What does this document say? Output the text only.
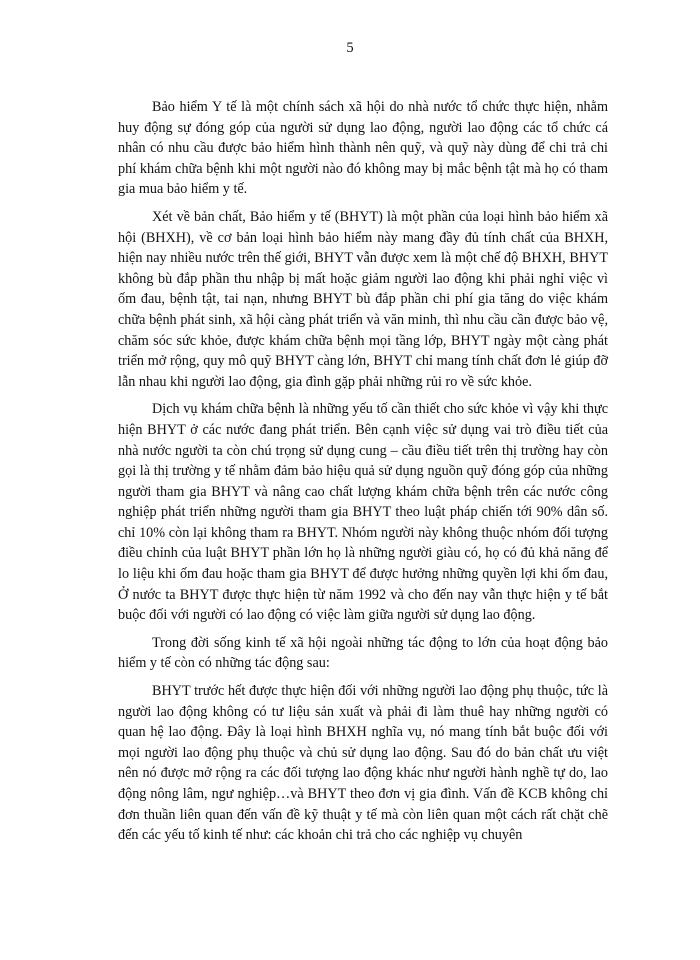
5

Bảo hiểm Y tế là một chính sách xã hội do nhà nước tổ chức thực hiện, nhằm huy động sự đóng góp của người sử dụng lao động, người lao động các tổ chức cá nhân có nhu cầu được bảo hiểm hình thành nên quỹ, và quỹ này dùng để chi trả chi phí khám chữa bệnh khi một người nào đó không may bị mắc bệnh tật mà họ có tham gia mua bảo hiểm y tế.

Xét về bản chất, Bảo hiểm y tế (BHYT) là một phần của loại hình bảo hiểm xã hội (BHXH), về cơ bản loại hình bảo hiểm này mang đầy đủ tính chất của BHXH, hiện nay nhiều nước trên thế giới, BHYT vẫn được xem là một chế độ BHXH, BHYT không bù đắp phần thu nhập bị mất hoặc giảm người lao động khi phải nghỉ việc vì ốm đau, bệnh tật, tai nạn, nhưng BHYT bù đắp phần chi phí gia tăng do việc khám chữa bệnh phát sinh, xã hội càng phát triển và văn minh, thì nhu cầu cần được bảo vệ, chăm sóc sức khỏe, được khám chữa bệnh mọi tầng lớp, BHYT ngày một càng phát triển mở rộng, quy mô quỹ BHYT càng lớn, BHYT chỉ mang tính chất đơn lẻ giúp đỡ lẫn nhau khi người lao động, gia đình gặp phải những rủi ro về sức khỏe.

Dịch vụ khám chữa bệnh là những yếu tố cần thiết cho sức khỏe vì vậy khi thực hiện BHYT ở các nước đang phát triển. Bên cạnh việc sử dụng vai trò điều tiết của nhà nước người ta còn chú trọng sử dụng cung – cầu điều tiết trên thị trường hay còn gọi là thị trường y tế nhằm đảm bảo hiệu quả sử dụng nguồn quỹ đóng góp của những người tham gia BHYT và nâng cao chất lượng khám chữa bệnh trên các nước công nghiệp phát triển những người tham gia BHYT theo luật pháp chiến tới 90% dân số. chỉ 10% còn lại không tham ra BHYT. Nhóm người này không thuộc nhóm đối tượng điều chỉnh của luật BHYT phần lớn họ là những người giàu có, họ có đủ khả năng để lo liệu khi ốm đau hoặc tham gia BHYT để được hưởng những quyền lợi khi ốm đau, Ở nước ta BHYT được thực hiện từ năm 1992 và cho đến nay vẫn thực hiện y tế bắt buộc đối với người có lao động có việc làm giữa người sử dụng lao động.

Trong đời sống kinh tế xã hội ngoài những tác động to lớn của hoạt động bảo hiểm y tế còn có những tác động sau:

BHYT trước hết được thực hiện đối với những người lao động phụ thuộc, tức là người lao động không có tư liệu sản xuất và phải đi làm thuê hay những người có quan hệ lao động. Đây là loại hình BHXH nghĩa vụ, nó mang tính bắt buộc đối với mọi người lao động phụ thuộc và chủ sử dụng lao động. Sau đó do bản chất ưu việt nên nó được mở rộng ra các đối tượng lao động khác như người hành nghề tự do, lao động nông lâm, ngư nghiệp…và BHYT theo đơn vị gia đình. Vấn đề KCB không chỉ đơn thuần liên quan đến vấn đề kỹ thuật y tế mà còn liên quan một cách rất chặt chẽ đến các yếu tố kinh tế như: các khoản chi trả cho các nghiệp vụ chuyên
